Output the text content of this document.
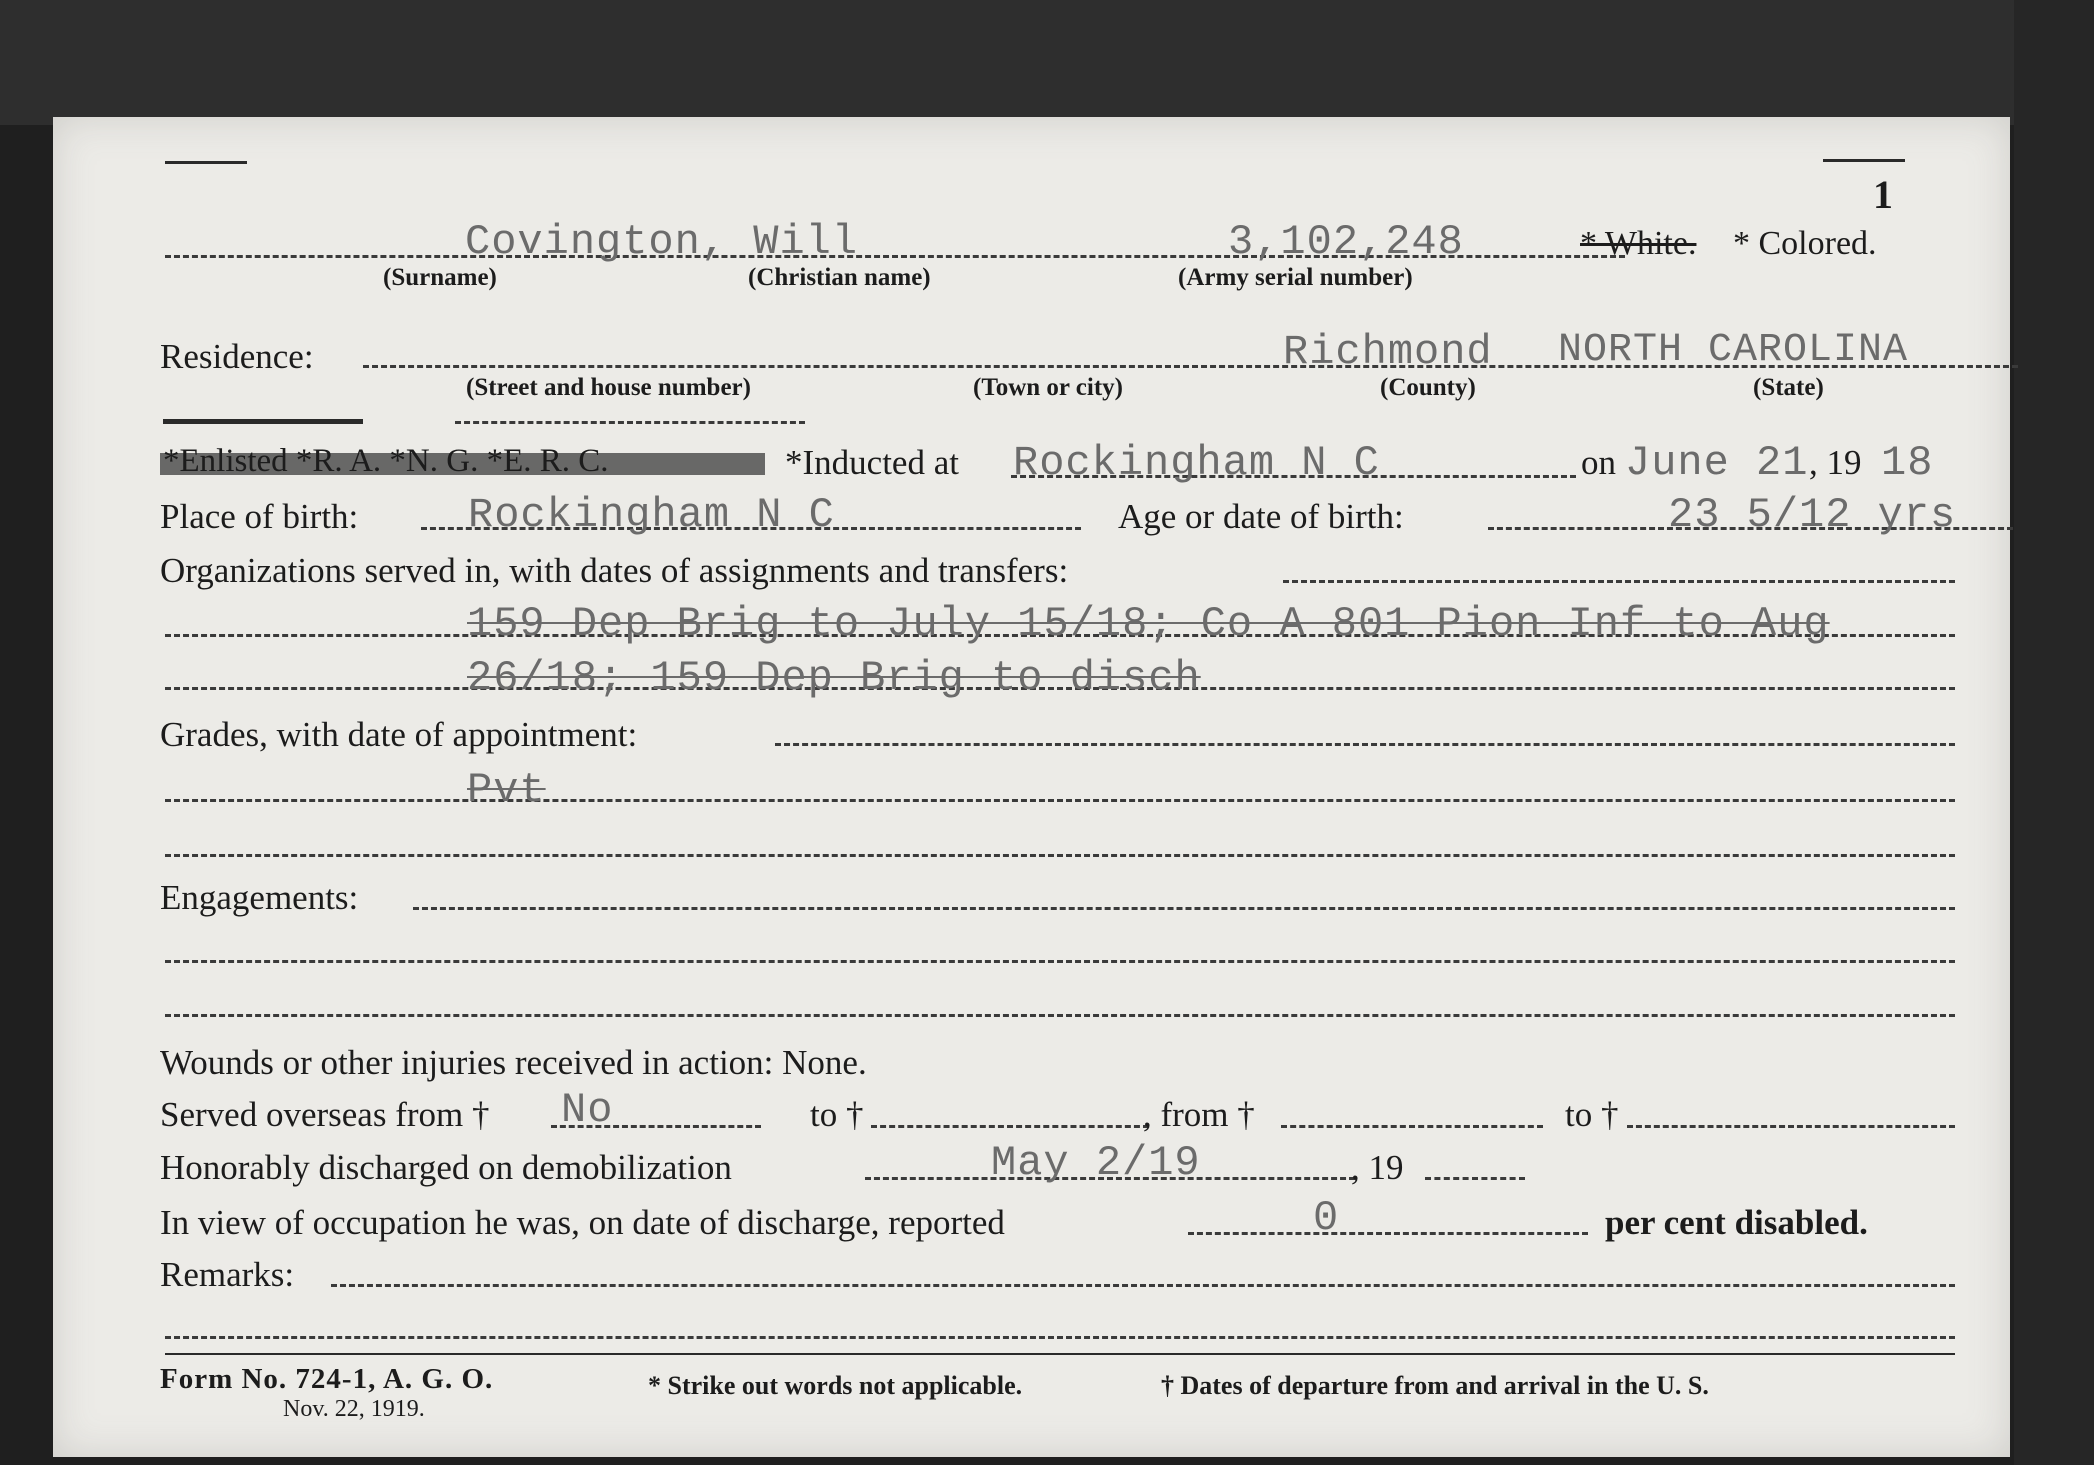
1
Covington, Will	3,102,248	* White. * Colored.
(Surname)	(Christian name)	(Army serial number)
Residence:	Richmond NORTH CAROLINA
(Street and house number)	(Town or city)	(County)	(State)
*Enlisted *R. A. *N. G. *E. R. C.	*Inducted at Rockingham N C	on June 21 , 19 18
Place of birth:	Rockingham N C	Age or date of birth:	23 5/12 yrs
Organizations served in, with dates of assignments and transfers:
159 Dep Brig to July 15/18; Co A 801 Pion Inf to Aug
26/18; 159 Dep Brig to disch
Grades, with date of appointment:
Pvt
Engagements:
Wounds or other injuries received in action: None.
Served overseas from † No	to †	, from †	to †
Honorably discharged on demobilization	May 2/19	, 19
In view of occupation he was, on date of discharge, reported	0	per cent disabled.
Remarks:
Form No. 724-1, A. G. O.
Nov. 22, 1919.
* Strike out words not applicable.	† Dates of departure from and arrival in the U. S.
